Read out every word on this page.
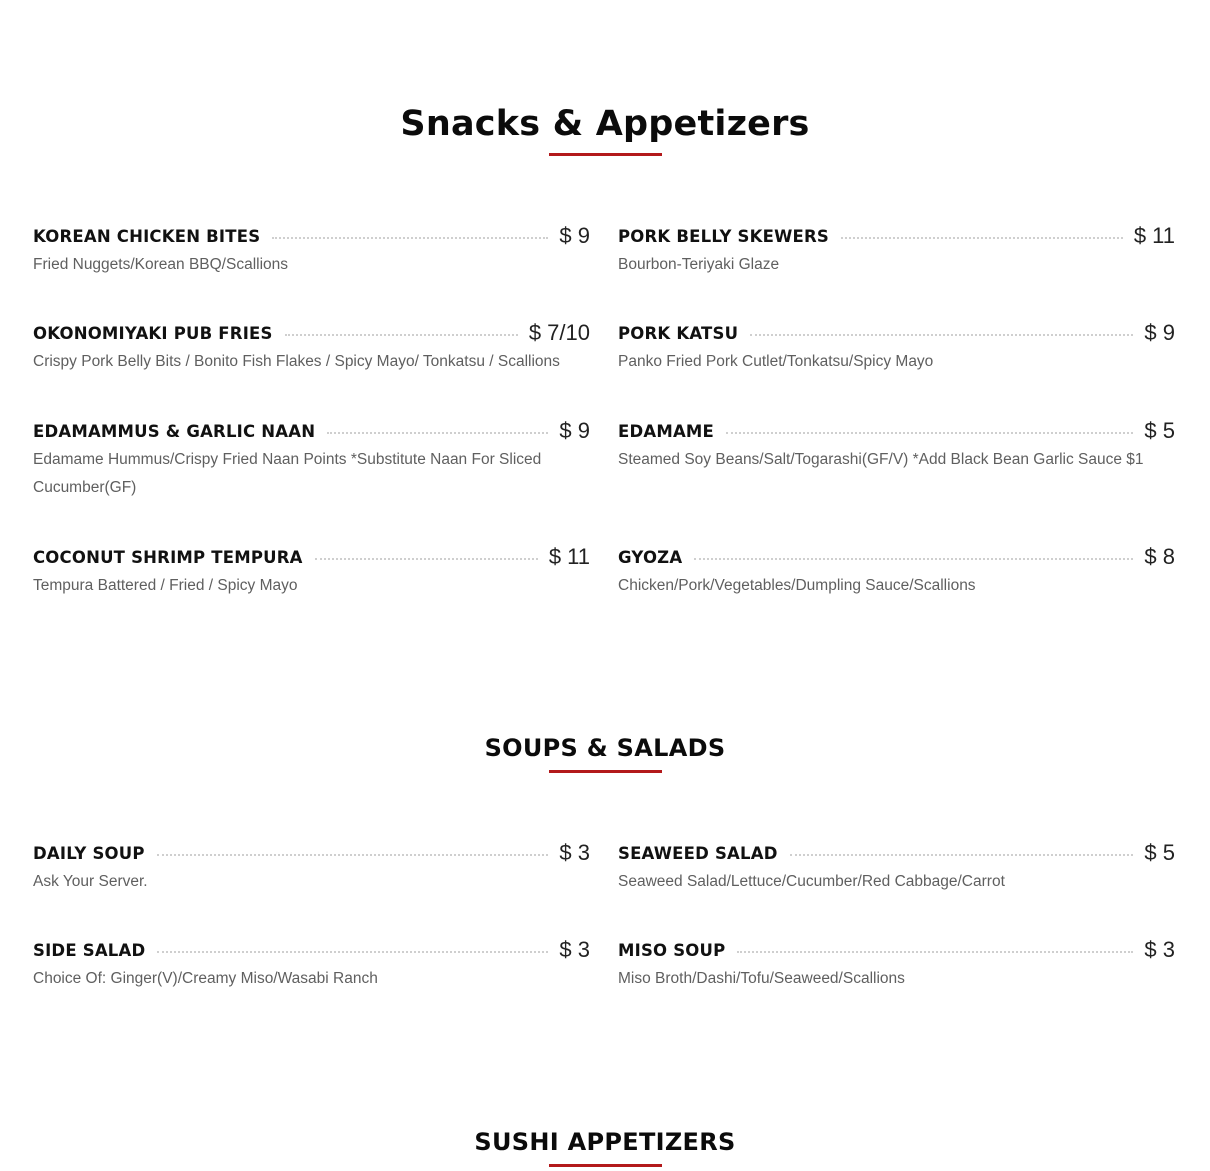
Snacks & Appetizers
KOREAN CHICKEN BITES	$ 9
Fried Nuggets/Korean BBQ/Scallions
PORK BELLY SKEWERS	$ 11
Bourbon-Teriyaki Glaze
OKONOMIYAKI PUB FRIES	$ 7/10
Crispy Pork Belly Bits / Bonito Fish Flakes / Spicy Mayo/ Tonkatsu / Scallions
PORK KATSU	$ 9
Panko Fried Pork Cutlet/Tonkatsu/Spicy Mayo
EDAMAMMUS & GARLIC NAAN	$ 9
Edamame Hummus/Crispy Fried Naan Points *Substitute Naan For Sliced Cucumber(GF)
EDAMAME	$ 5
Steamed Soy Beans/Salt/Togarashi(GF/V) *Add Black Bean Garlic Sauce $1
COCONUT SHRIMP TEMPURA	$ 11
Tempura Battered / Fried / Spicy Mayo
GYOZA	$ 8
Chicken/Pork/Vegetables/Dumpling Sauce/Scallions
SOUPS & SALADS
DAILY SOUP	$ 3
Ask Your Server.
SEAWEED SALAD	$ 5
Seaweed Salad/Lettuce/Cucumber/Red Cabbage/Carrot
SIDE SALAD	$ 3
Choice Of: Ginger(V)/Creamy Miso/Wasabi Ranch
MISO SOUP	$ 3
Miso Broth/Dashi/Tofu/Seaweed/Scallions
SUSHI APPETIZERS
